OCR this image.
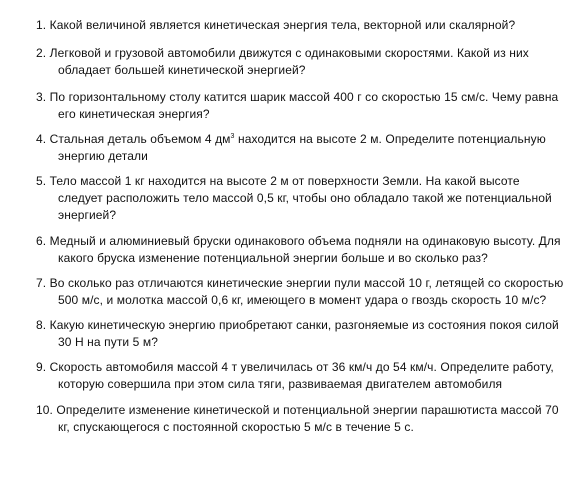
1. Какой величиной является кинетическая энергия тела, векторной или скалярной?
2. Легковой и грузовой автомобили движутся с одинаковыми скоростями. Какой из них
обладает большей кинетической энергией?
3. По горизонтальному столу катится шарик массой 400 г со скоростью 15 см/с. Чему равна
его кинетическая энергия?
4. Стальная деталь объемом 4 $дм^3$ находится на высоте 2 м. Определите потенциальную
энергию детали
5. Тело массой 1 кг находится на высоте 2 м от поверхности Земли. На какой высоте
следует расположить тело массой 0,5 кг, чтобы оно обладало такой же потенциальной
энергией?
6. Медный и алюминиевый бруски одинакового объема подняли на одинаковую высоту. Для
какого бруска изменение потенциальной энергии больше и во сколько раз?
7. Во сколько раз отличаются кинетические энергии пули массой 10 г, летящей со скоростью
500 м/с, и молотка массой 0,6 кг, имеющего в момент удара о гвоздь скорость 10 м/с?
8. Какую кинетическую энергию приобретают санки, разгоняемые из состояния покоя силой
30 Н на пути 5 м?
9. Скорость автомобиля массой 4 т увеличилась от 36 км/ч до 54 км/ч. Определите работу,
которую совершила при этом сила тяги, развиваемая двигателем автомобиля
10. Определите изменение кинетической и потенциальной энергии парашютиста массой 70
кг, спускающегося с постоянной скоростью 5 м/с в течение 5 с.
